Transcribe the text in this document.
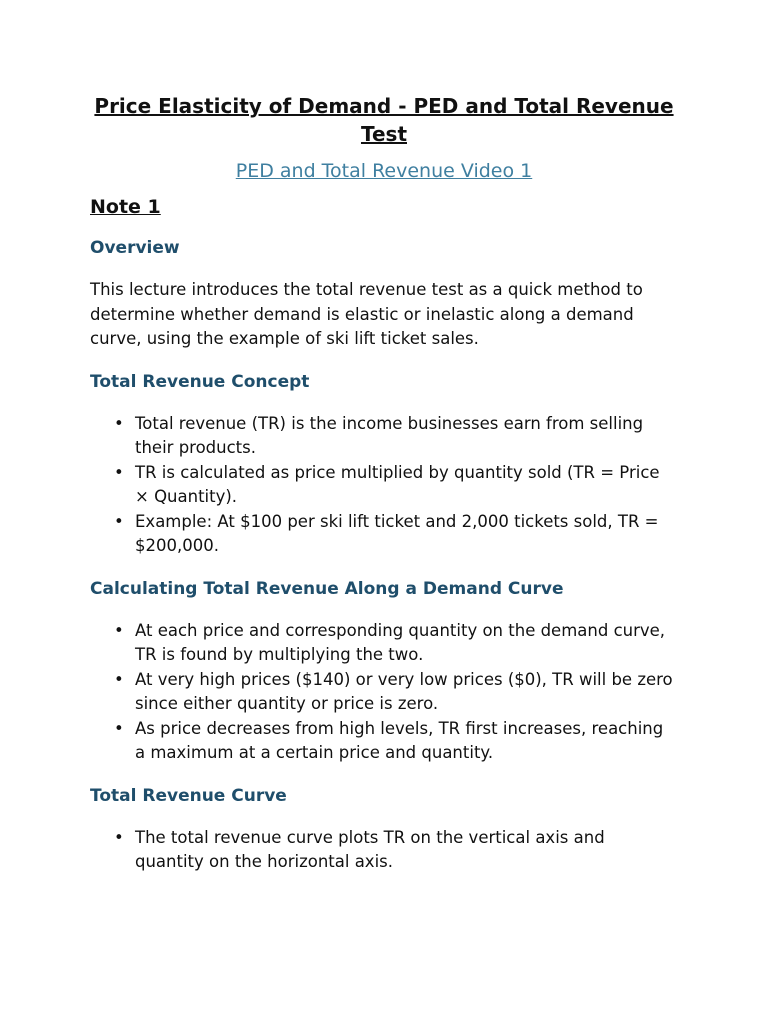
Price Elasticity of Demand - PED and Total Revenue Test
PED and Total Revenue Video 1
Note 1
Overview

This lecture introduces the total revenue test as a quick method to determine whether demand is elastic or inelastic along a demand curve, using the example of ski lift ticket sales.

Total Revenue Concept
• Total revenue (TR) is the income businesses earn from selling their products.
• TR is calculated as price multiplied by quantity sold (TR = Price × Quantity).
• Example: At $100 per ski lift ticket and 2,000 tickets sold, TR = $200,000.
Calculating Total Revenue Along a Demand Curve
• At each price and corresponding quantity on the demand curve, TR is found by multiplying the two.
• At very high prices ($140) or very low prices ($0), TR will be zero since either quantity or price is zero.
• As price decreases from high levels, TR first increases, reaching a maximum at a certain price and quantity.
Total Revenue Curve
• The total revenue curve plots TR on the vertical axis and quantity on the horizontal axis.
